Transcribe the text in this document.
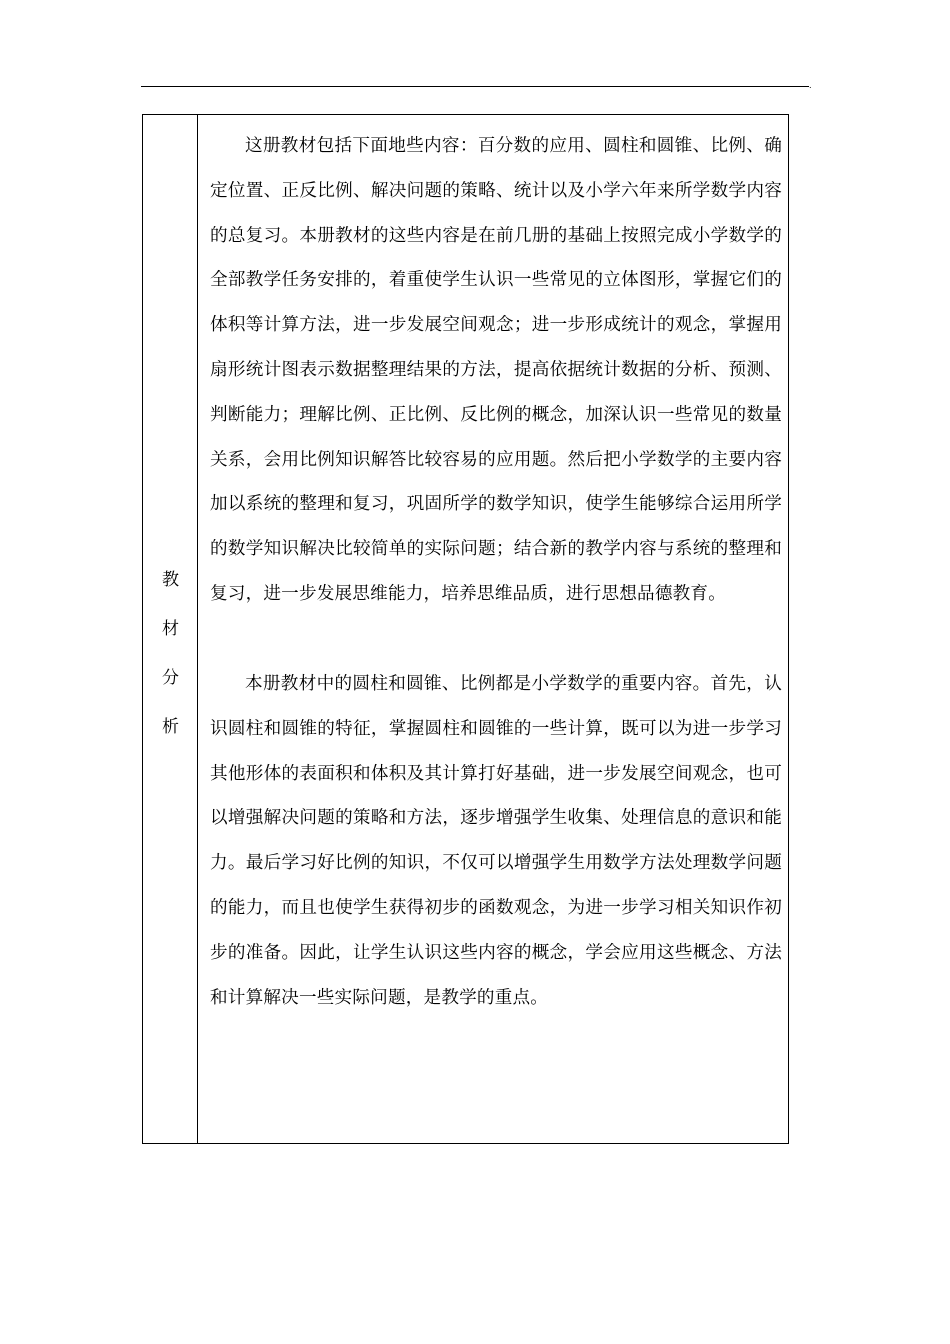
.
教
材
分
析

这册教材包括下面地些内容：百分数的应用、圆柱和圆锥、比例、确定位置、正反比例、解决问题的策略、统计以及小学六年来所学数学内容的总复习。本册教材的这些内容是在前几册的基础上按照完成小学数学的全部教学任务安排的，着重使学生认识一些常见的立体图形，掌握它们的体积等计算方法，进一步发展空间观念；进一步形成统计的观念，掌握用扇形统计图表示数据整理结果的方法，提高依据统计数据的分析、预测、判断能力；理解比例、正比例、反比例的概念，加深认识一些常见的数量关系，会用比例知识解答比较容易的应用题。然后把小学数学的主要内容加以系统的整理和复习，巩固所学的数学知识，使学生能够综合运用所学的数学知识解决比较简单的实际问题；结合新的教学内容与系统的整理和复习，进一步发展思维能力，培养思维品质，进行思想品德教育。

本册教材中的圆柱和圆锥、比例都是小学数学的重要内容。首先，认识圆柱和圆锥的特征，掌握圆柱和圆锥的一些计算，既可以为进一步学习其他形体的表面积和体积及其计算打好基础，进一步发展空间观念，也可以增强解决问题的策略和方法，逐步增强学生收集、处理信息的意识和能力。最后学习好比例的知识，不仅可以增强学生用数学方法处理数学问题的能力，而且也使学生获得初步的函数观念，为进一步学习相关知识作初步的准备。因此，让学生认识这些内容的概念，学会应用这些概念、方法和计算解决一些实际问题，是教学的重点。
